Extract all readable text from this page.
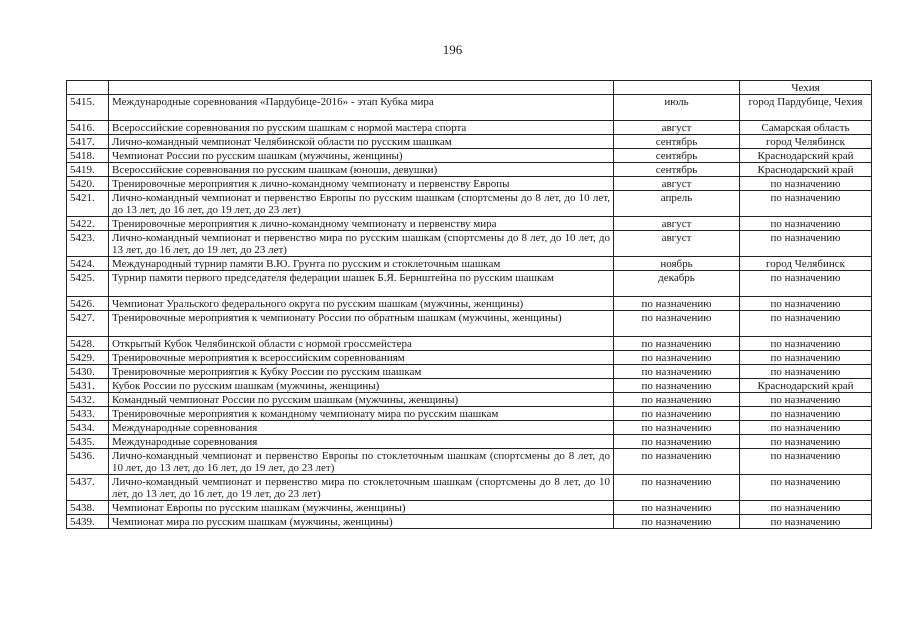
196
			Чехия
5415.	Международные соревнования «Пардубице-2016» - этап Кубка мира	июль	город Пардубице, Чехия
5416.	Всероссийские соревнования по русским шашкам с нормой мастера спорта	август	Самарская область
5417.	Лично-командный чемпионат Челябинской области по русским шашкам	сентябрь	город Челябинск
5418.	Чемпионат России по русским шашкам (мужчины, женщины)	сентябрь	Краснодарский край
5419.	Всероссийские соревнования по русским шашкам (юноши, девушки)	сентябрь	Краснодарский край
5420.	Тренировочные мероприятия к лично-командному чемпионату и первенству Европы	август	по назначению
5421.	Лично-командный чемпионат и первенство Европы по русским шашкам (спортсмены до 8 лет, до 10 лет, до 13 лет, до 16 лет, до 19 лет, до 23 лет)	апрель	по назначению
5422.	Тренировочные мероприятия к лично-командному чемпионату и первенству мира	август	по назначению
5423.	Лично-командный чемпионат и первенство мира по русским шашкам (спортсмены до 8 лет, до 10 лет, до 13 лет, до 16 лет, до 19 лет, до 23 лет)	август	по назначению
5424.	Международный турнир памяти В.Ю. Грунта по русским и стоклеточным шашкам	ноябрь	город Челябинск
5425.	Турнир памяти первого председателя федерации шашек Б.Я. Бернштейна по русским шашкам	декабрь	по назначению
5426.	Чемпионат Уральского федерального округа по русским шашкам (мужчины, женщины)	по назначению	по назначению
5427.	Тренировочные мероприятия к чемпионату России по обратным шашкам (мужчины, женщины)	по назначению	по назначению
5428.	Открытый Кубок Челябинской области с нормой гроссмейстера	по назначению	по назначению
5429.	Тренировочные мероприятия к всероссийским соревнованиям	по назначению	по назначению
5430.	Тренировочные мероприятия к Кубку России по русским шашкам	по назначению	по назначению
5431.	Кубок России по русским шашкам (мужчины, женщины)	по назначению	Краснодарский край
5432.	Командный чемпионат России по русским шашкам (мужчины, женщины)	по назначению	по назначению
5433.	Тренировочные мероприятия к командному чемпионату мира по русским шашкам	по назначению	по назначению
5434.	Международные соревнования	по назначению	по назначению
5435.	Международные соревнования	по назначению	по назначению
5436.	Лично-командный чемпионат и первенство Европы по стоклеточным шашкам (спортсмены до 8 лет, до 10 лет, до 13 лет, до 16 лет, до 19 лет, до 23 лет)	по назначению	по назначению
5437.	Лично-командный чемпионат и первенство мира по стоклеточным шашкам (спортсмены до 8 лет, до 10 лет, до 13 лет, до 16 лет, до 19 лет, до 23 лет)	по назначению	по назначению
5438.	Чемпионат Европы по русским шашкам (мужчины, женщины)	по назначению	по назначению
5439.	Чемпионат мира по русским шашкам (мужчины, женщины)	по назначению	по назначению
